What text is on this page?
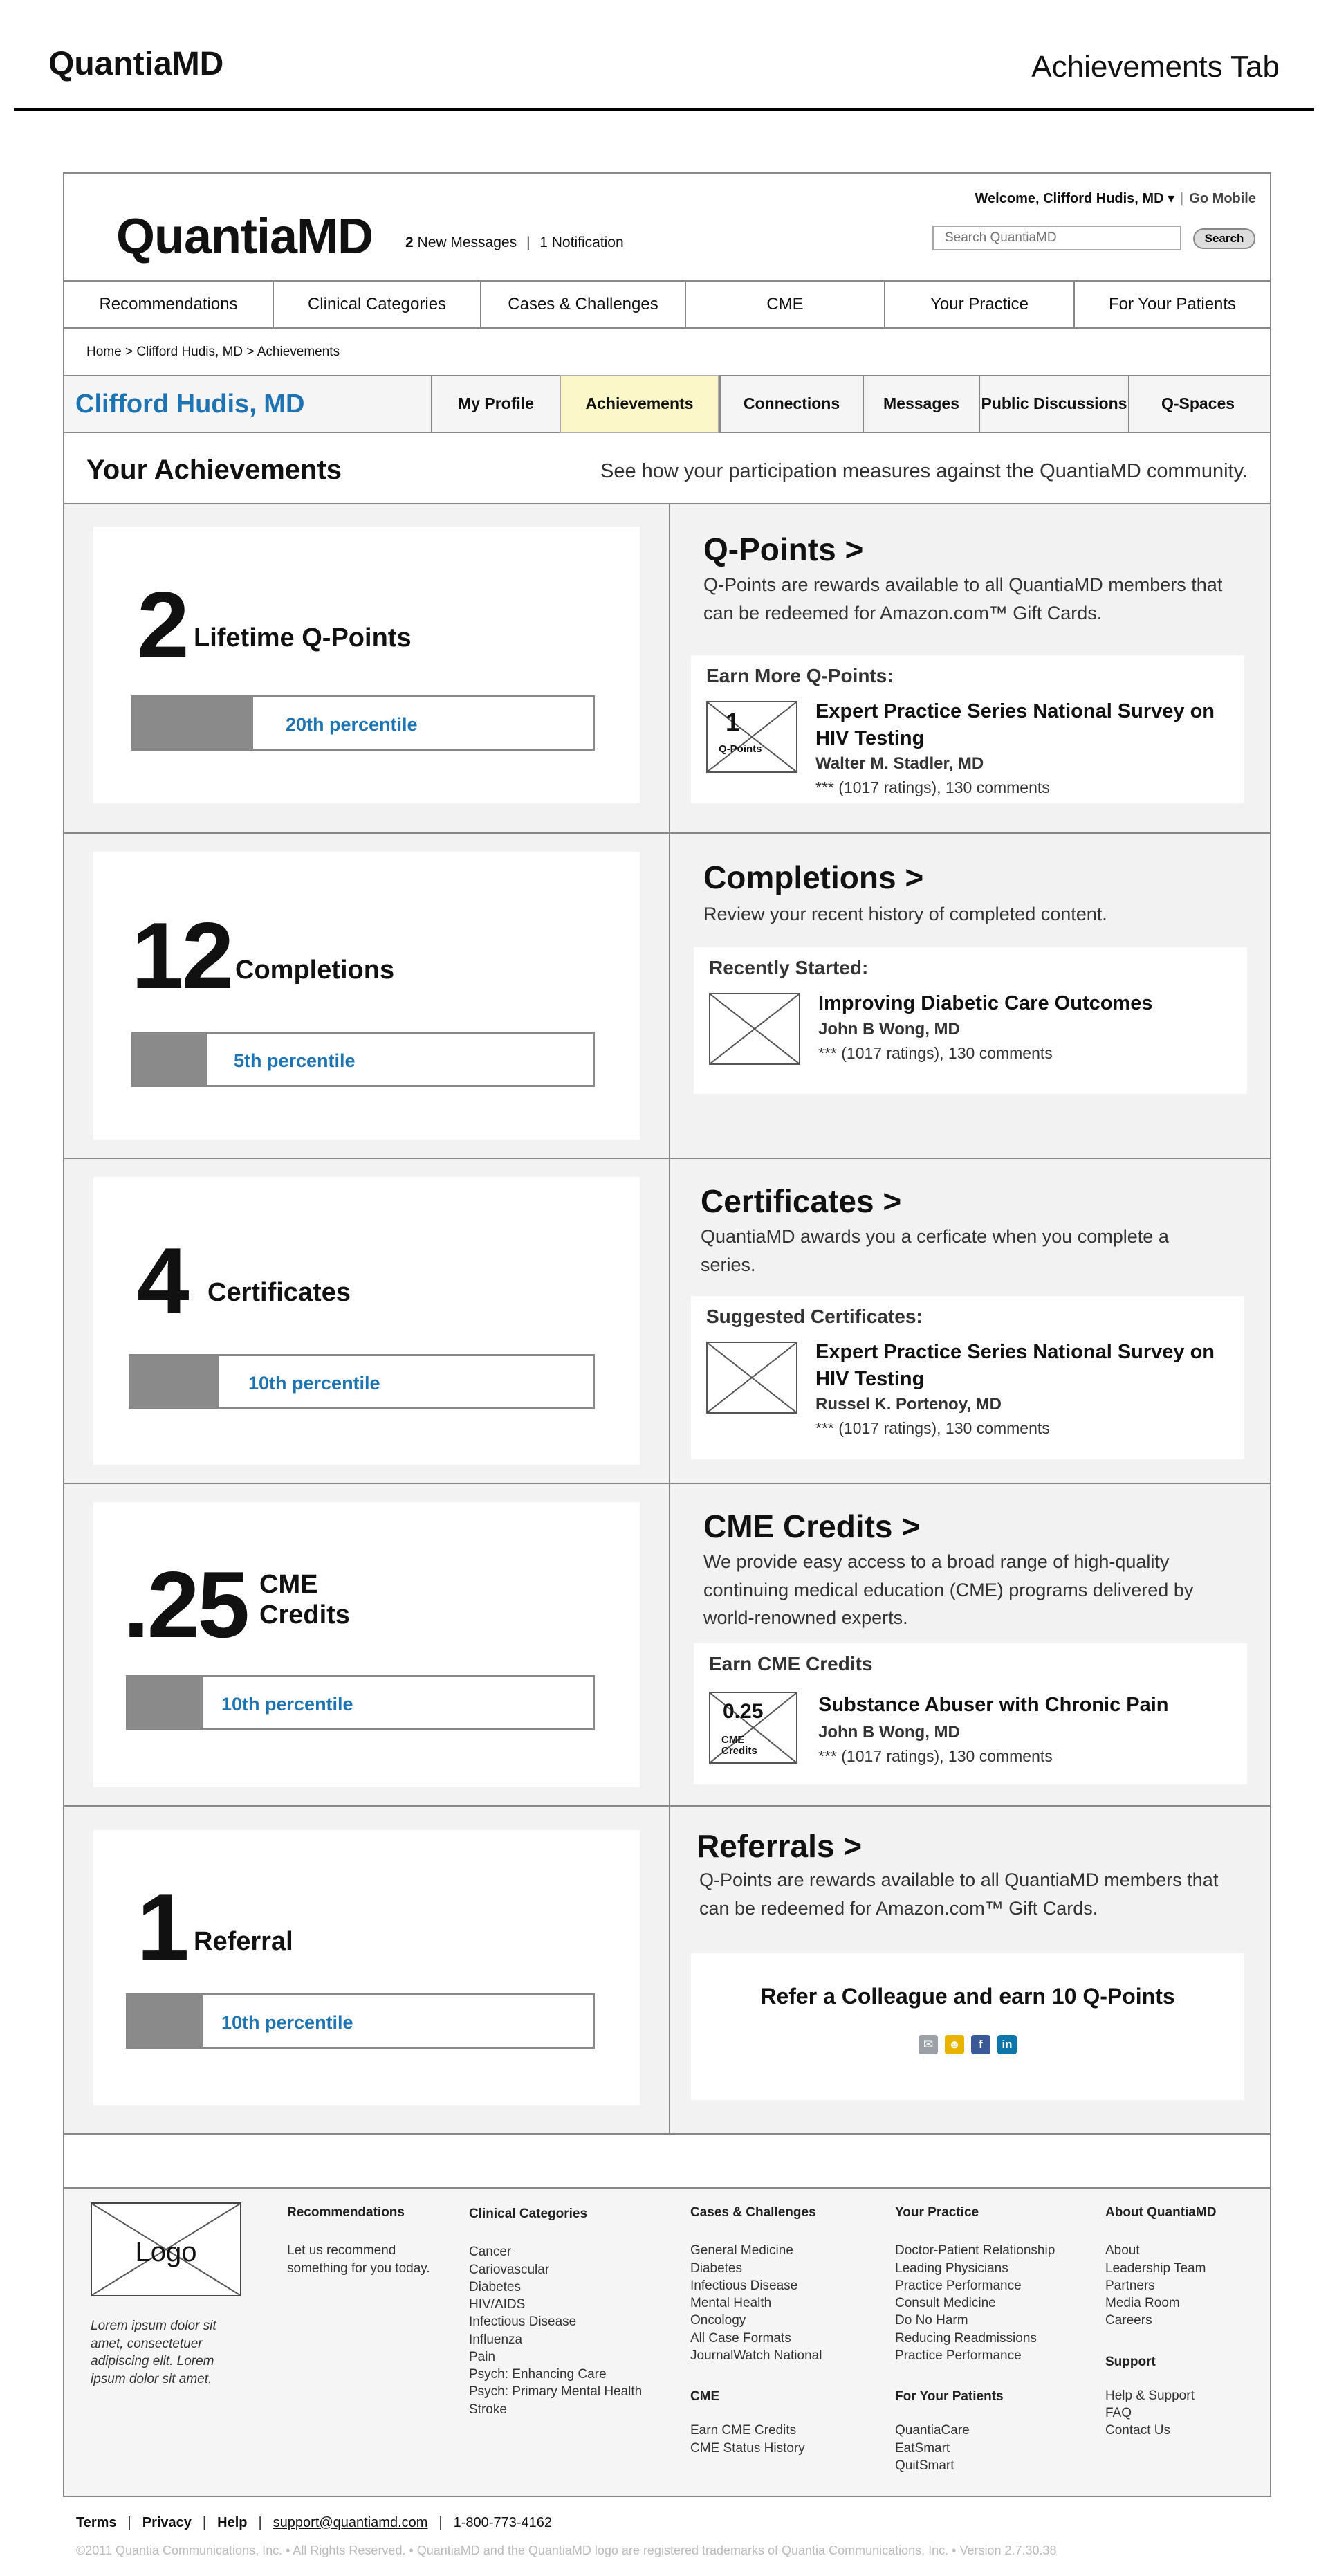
QuantiaMD	Achievements Tab
QuantiaMD 2 New Messages | 1 Notification
Welcome, Clifford Hudis, MD ▾ | Go Mobile
Search QuantiaMD
Search
Recommendations	Clinical Categories	Cases & Challenges	CME	Your Practice	For Your Patients
Home > Clifford Hudis, MD > Achievements
Clifford Hudis, MD	My Profile	Achievements	Connections	Messages	Public Discussions	Q-Spaces
Your Achievements	See how your participation measures against the QuantiaMD community.
2 Lifetime Q-Points
20th percentile
Q-Points >
Q-Points are rewards available to all QuantiaMD members that can be redeemed for Amazon.com™ Gift Cards.
Earn More Q-Points:
1
Q-Points
Expert Practice Series National Survey on HIV Testing
Walter M. Stadler, MD
*** (1017 ratings), 130 comments
12 Completions
5th percentile
Completions >
Review your recent history of completed content.
Recently Started:
Improving Diabetic Care Outcomes
John B Wong, MD
*** (1017 ratings), 130 comments
4 Certificates
10th percentile
Certificates >
QuantiaMD awards you a cerficate when you complete a series.
Suggested Certificates:
Expert Practice Series National Survey on HIV Testing
Russel K. Portenoy, MD
*** (1017 ratings), 130 comments
.25 CME
Credits
10th percentile
CME Credits >
We provide easy access to a broad range of high-quality continuing medical education (CME) programs delivered by world-renowned experts.
Earn CME Credits
0.25
CME Credits
Substance Abuser with Chronic Pain
John B Wong, MD
*** (1017 ratings), 130 comments
1 Referral
10th percentile
Referrals >
Q-Points are rewards available to all QuantiaMD members that can be redeemed for Amazon.com™ Gift Cards.
Refer a Colleague and earn 10 Q-Points
✉	☻	f	in
Logo
Lorem ipsum dolor sit amet, consectetuer adipiscing elit. Lorem ipsum dolor sit amet.
Recommendations
Let us recommend something for you today.
Clinical Categories
Cancer
Cariovascular
Diabetes
HIV/AIDS
Infectious Disease
Influenza
Pain
Psych: Enhancing Care
Psych: Primary Mental Health
Stroke
Cases & Challenges
General Medicine
Diabetes
Infectious Disease
Mental Health
Oncology
All Case Formats
JournalWatch National
CME
Earn CME Credits
CME Status History
Your Practice
Doctor-Patient Relationship
Leading Physicians
Practice Performance
Consult Medicine
Do No Harm
Reducing Readmissions
Practice Performance
For Your Patients
QuantiaCare
EatSmart
QuitSmart
About QuantiaMD
About
Leadership Team
Partners
Media Room
Careers
Support
Help & Support
FAQ
Contact Us
Terms | Privacy | Help | support@quantiamd.com | 1-800-773-4162
©2011 Quantia Communications, Inc. • All Rights Reserved. • QuantiaMD and the QuantiaMD logo are registered trademarks of Quantia Communications, Inc. • Version 2.7.30.38
